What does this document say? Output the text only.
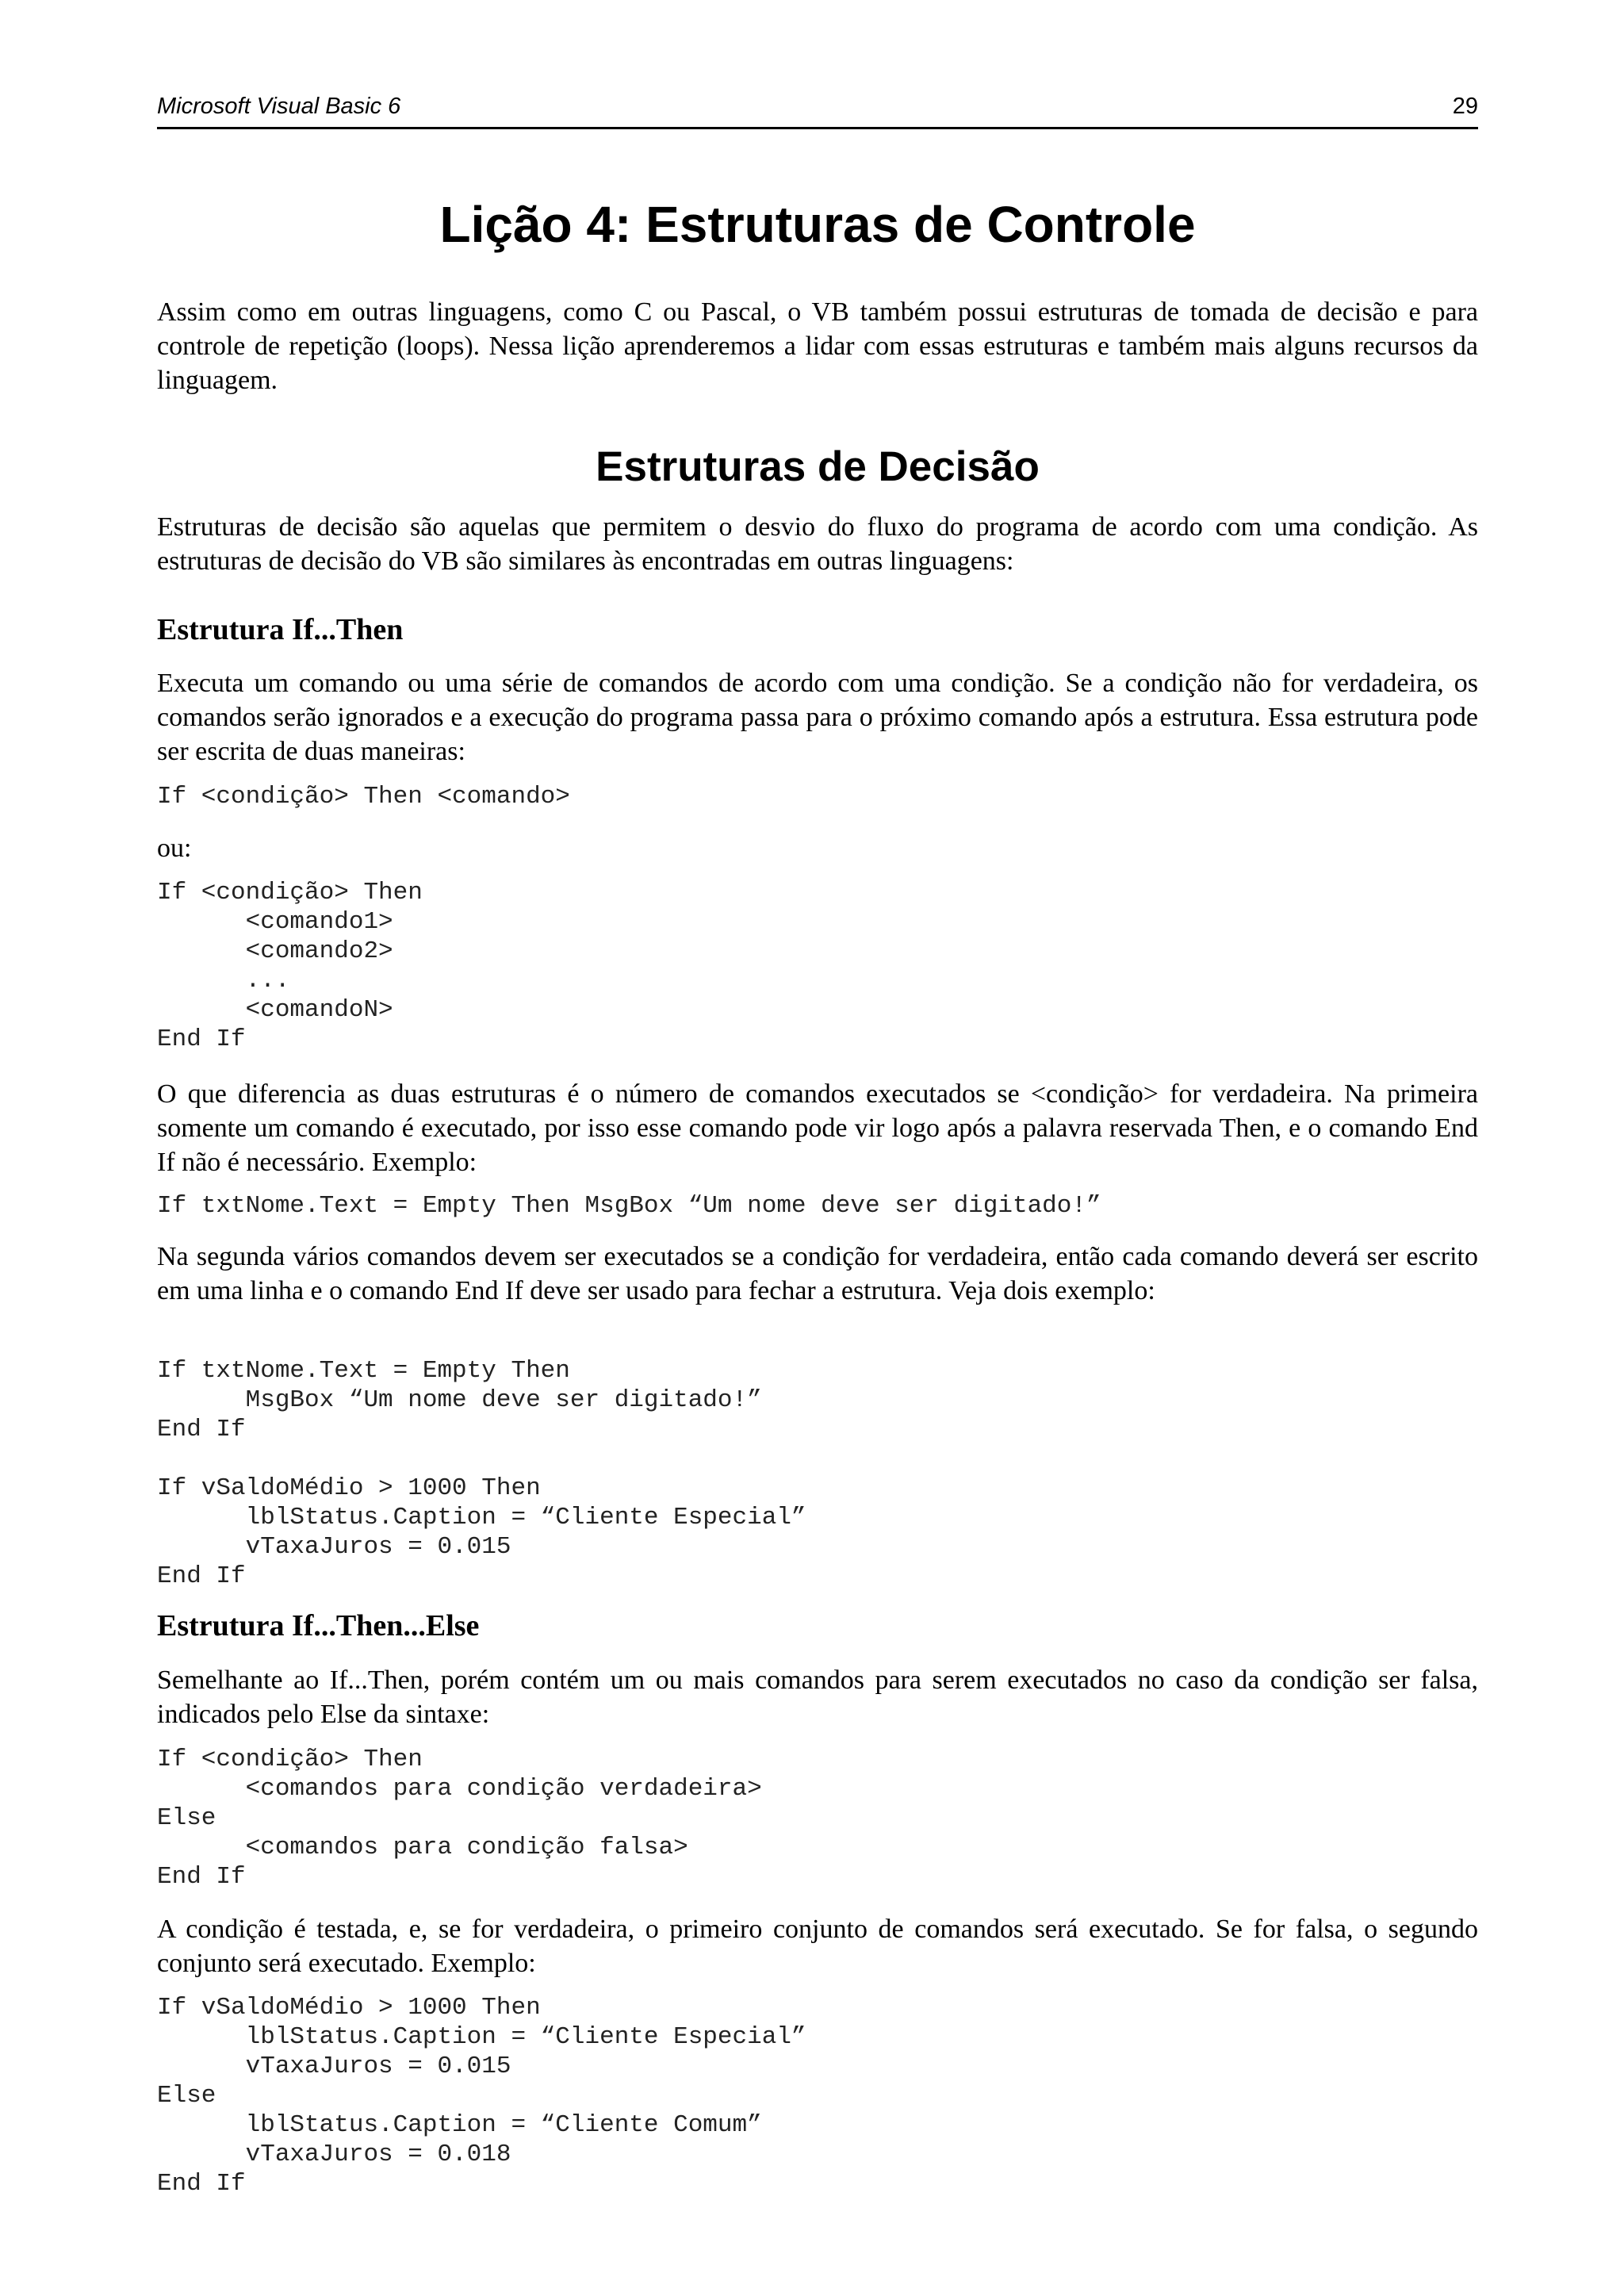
Microsoft Visual Basic 6	29
Lição 4: Estruturas de Controle
Assim como em outras linguagens, como C ou Pascal, o VB também possui estruturas de tomada de decisão e para controle de repetição (loops). Nessa lição aprenderemos a lidar com essas estruturas e também mais alguns recursos da linguagem.
Estruturas de Decisão
Estruturas de decisão são aquelas que permitem o desvio do fluxo do programa de acordo com uma condição. As estruturas de decisão do VB são similares às encontradas em outras linguagens:
Estrutura If...Then
Executa um comando ou uma série de comandos de acordo com uma condição. Se a condição não for verdadeira, os comandos serão ignorados e a execução do programa passa para o próximo comando após a estrutura. Essa estrutura pode ser escrita de duas maneiras:
If <condição> Then <comando>
ou:
If <condição> Then
<comando1>
<comando2>
...
<comandoN>
End If
O que diferencia as duas estruturas é o número de comandos executados se <condição> for verdadeira. Na primeira somente um comando é executado, por isso esse comando pode vir logo após a palavra reservada Then, e o comando End If não é necessário. Exemplo:
If txtNome.Text = Empty Then MsgBox “Um nome deve ser digitado!”
Na segunda vários comandos devem ser executados se a condição for verdadeira, então cada comando deverá ser escrito em uma linha e o comando End If deve ser usado para fechar a estrutura. Veja dois exemplo:
If txtNome.Text = Empty Then
MsgBox “Um nome deve ser digitado!”
End If

If vSaldoMédio > 1000 Then
lblStatus.Caption = “Cliente Especial”
vTaxaJuros = 0.015
End If
Estrutura If...Then...Else
Semelhante ao If...Then, porém contém um ou mais comandos para serem executados no caso da condição ser falsa, indicados pelo Else da sintaxe:
If <condição> Then
<comandos para condição verdadeira>
Else
<comandos para condição falsa>
End If
A condição é testada, e, se for verdadeira, o primeiro conjunto de comandos será executado. Se for falsa, o segundo conjunto será executado. Exemplo:
If vSaldoMédio > 1000 Then
lblStatus.Caption = “Cliente Especial”
vTaxaJuros = 0.015
Else
lblStatus.Caption = “Cliente Comum”
vTaxaJuros = 0.018
End If
